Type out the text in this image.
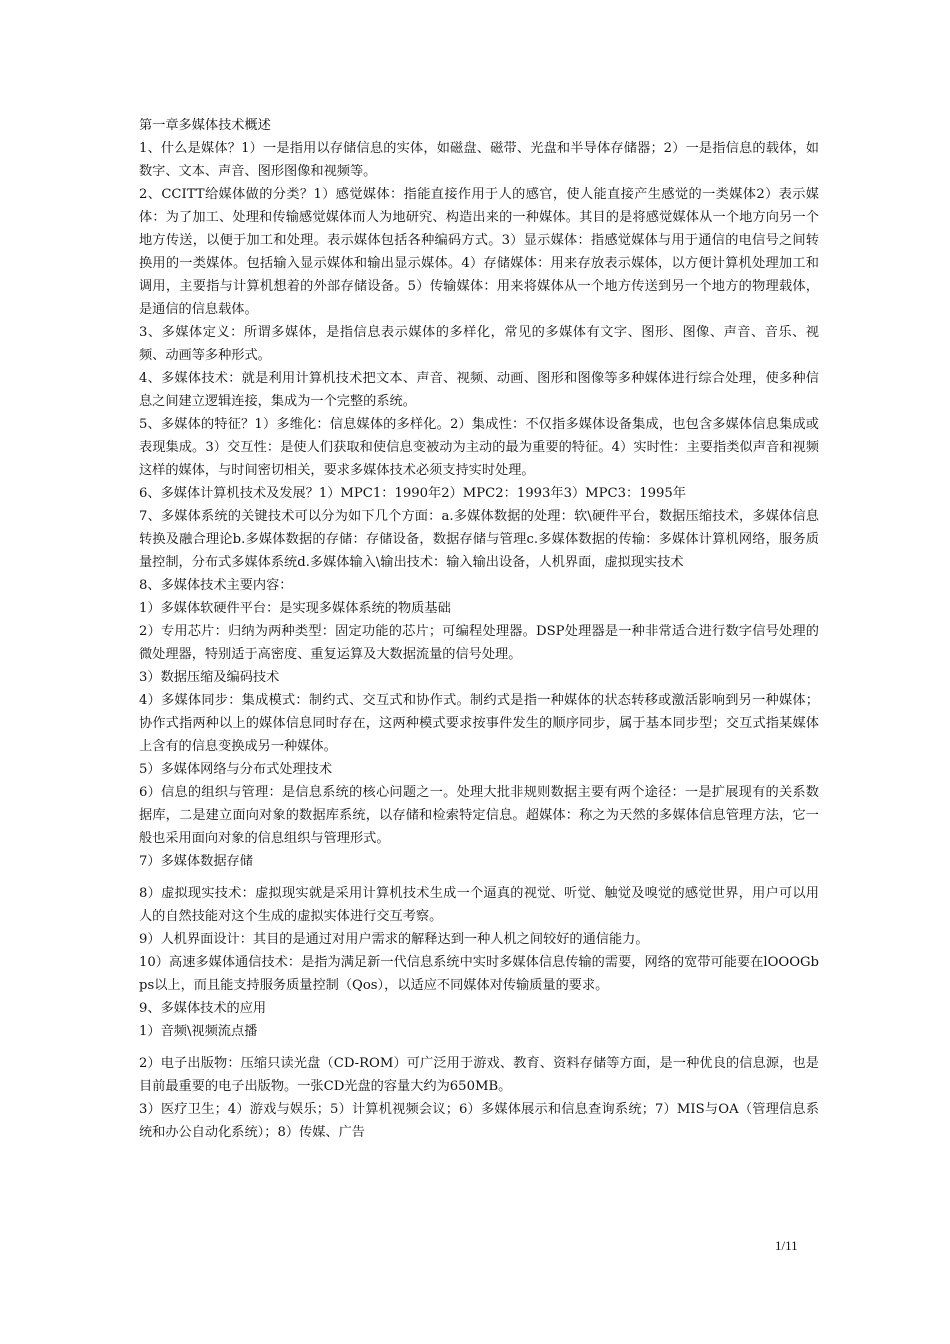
第一章多媒体技术概述

1、什么是媒体？1）一是指用以存储信息的实体，如磁盘、磁带、光盘和半导体存储器；2）一是指信息的载体，如数字、文本、声音、图形图像和视频等。

2、CCITT给媒体做的分类？1）感觉媒体：指能直接作用于人的感官，使人能直接产生感觉的一类媒体2）表示媒体：为了加工、处理和传输感觉媒体而人为地研究、构造出来的一种媒体。其目的是将感觉媒体从一个地方向另一个地方传送，以便于加工和处理。表示媒体包括各种编码方式。3）显示媒体：指感觉媒体与用于通信的电信号之间转换用的一类媒体。包括输入显示媒体和输出显示媒体。4）存储媒体：用来存放表示媒体，以方便计算机处理加工和调用，主要指与计算机想着的外部存储设备。5）传输媒体：用来将媒体从一个地方传送到另一个地方的物理载体，是通信的信息载体。

3、多媒体定义：所谓多媒体，是指信息表示媒体的多样化，常见的多媒体有文字、图形、图像、声音、音乐、视频、动画等多种形式。

4、多媒体技术：就是利用计算机技术把文本、声音、视频、动画、图形和图像等多种媒体进行综合处理，使多种信息之间建立逻辑连接，集成为一个完整的系统。

5、多媒体的特征？1）多维化：信息媒体的多样化。2）集成性：不仅指多媒体设备集成，也包含多媒体信息集成或表现集成。3）交互性：是使人们获取和使信息变被动为主动的最为重要的特征。4）实时性：主要指类似声音和视频这样的媒体，与时间密切相关，要求多媒体技术必须支持实时处理。

6、多媒体计算机技术及发展？1）MPC1：1990年2）MPC2：1993年3）MPC3：1995年

7、多媒体系统的关键技术可以分为如下几个方面：a.多媒体数据的处理：软\硬件平台，数据压缩技术，多媒体信息转换及融合理论b.多媒体数据的存储：存储设备，数据存储与管理c.多媒体数据的传输：多媒体计算机网络，服务质量控制，分布式多媒体系统d.多媒体输入\输出技术：输入输出设备，人机界面，虚拟现实技术

8、多媒体技术主要内容：

1）多媒体软硬件平台：是实现多媒体系统的物质基础

2）专用芯片：归纳为两种类型：固定功能的芯片；可编程处理器。DSP处理器是一种非常适合进行数字信号处理的微处理器，特别适于高密度、重复运算及大数据流量的信号处理。

3）数据压缩及编码技术

4）多媒体同步：集成模式：制约式、交互式和协作式。制约式是指一种媒体的状态转移或激活影响到另一种媒体；协作式指两种以上的媒体信息同时存在，这两种模式要求按事件发生的顺序同步，属于基本同步型；交互式指某媒体上含有的信息变换成另一种媒体。

5）多媒体网络与分布式处理技术

6）信息的组织与管理：是信息系统的核心问题之一。处理大批非规则数据主要有两个途径：一是扩展现有的关系数据库，二是建立面向对象的数据库系统，以存储和检索特定信息。超媒体：称之为天然的多媒体信息管理方法，它一般也采用面向对象的信息组织与管理形式。

7）多媒体数据存储

8）虚拟现实技术：虚拟现实就是采用计算机技术生成一个逼真的视觉、听觉、触觉及嗅觉的感觉世界，用户可以用人的自然技能对这个生成的虚拟实体进行交互考察。

9）人机界面设计：其目的是通过对用户需求的解释达到一种人机之间较好的通信能力。

10）高速多媒体通信技术：是指为满足新一代信息系统中实时多媒体信息传输的需要，网络的宽带可能要在lOOOGbps以上，而且能支持服务质量控制（Qos），以适应不同媒体对传输质量的要求。

9、多媒体技术的应用

1）音频\视频流点播

2）电子出版物：压缩只读光盘（CD-ROM）可广泛用于游戏、教育、资料存储等方面，是一种优良的信息源，也是目前最重要的电子出版物。一张CD光盘的容量大约为650MB。

3）医疗卫生；4）游戏与娱乐；5）计算机视频会议；6）多媒体展示和信息查询系统；7）MIS与OA（管理信息系统和办公自动化系统）；8）传媒、广告

1/11
